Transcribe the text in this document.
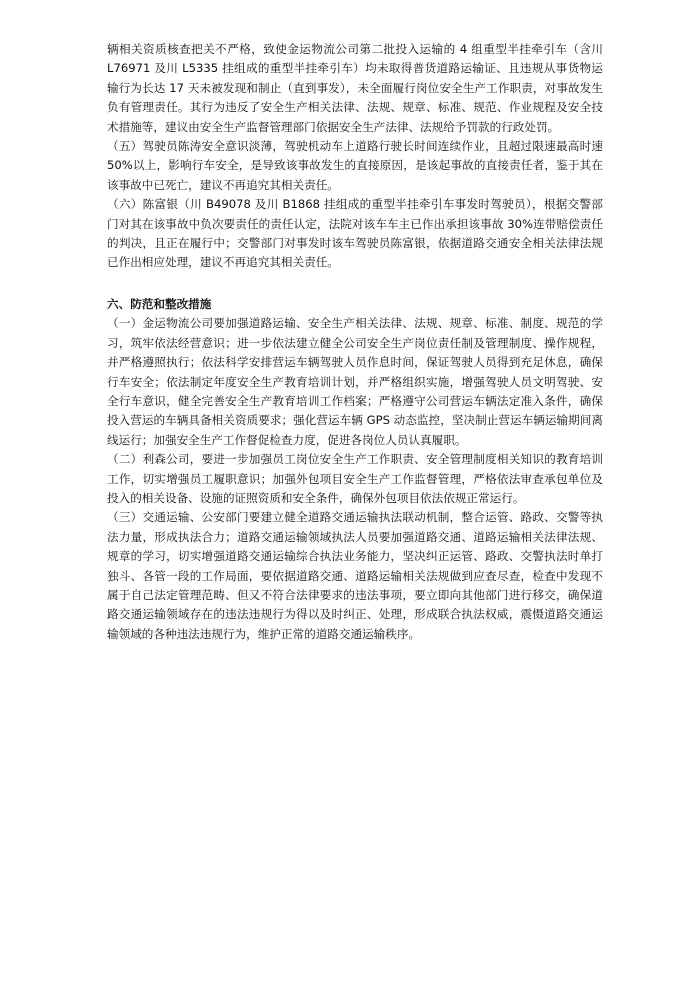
辆相关资质核查把关不严格，致使金运物流公司第二批投入运输的 4 组重型半挂牵引车（含川 L76971 及川 L5335 挂组成的重型半挂牵引车）均未取得普货道路运输证、且违规从事货物运输行为长达 17 天未被发现和制止（直到事发），未全面履行岗位安全生产工作职责，对事故发生负有管理责任。其行为违反了安全生产相关法律、法规、规章、标准、规范、作业规程及安全技术措施等，建议由安全生产监督管理部门依据安全生产法律、法规给予罚款的行政处罚。

（五）驾驶员陈涛安全意识淡薄，驾驶机动车上道路行驶长时间连续作业，且超过限速最高时速 50%以上，影响行车安全，是导致该事故发生的直接原因，是该起事故的直接责任者，鉴于其在该事故中已死亡，建议不再追究其相关责任。

（六）陈富银（川 B49078 及川 B1868 挂组成的重型半挂牵引车事发时驾驶员），根据交警部门对其在该事故中负次要责任的责任认定，法院对该车车主已作出承担该事故 30%连带赔偿责任的判决，且正在履行中；交警部门对事发时该车驾驶员陈富银，依据道路交通安全相关法律法规已作出相应处理，建议不再追究其相关责任。

六、防范和整改措施

（一）金运物流公司要加强道路运输、安全生产相关法律、法规、规章、标准、制度、规范的学习，筑牢依法经营意识；进一步依法建立健全公司安全生产岗位责任制及管理制度、操作规程，并严格遵照执行；依法科学安排营运车辆驾驶人员作息时间，保证驾驶人员得到充足休息，确保行车安全；依法制定年度安全生产教育培训计划，并严格组织实施，增强驾驶人员文明驾驶、安全行车意识，健全完善安全生产教育培训工作档案；严格遵守公司营运车辆法定准入条件，确保投入营运的车辆具备相关资质要求；强化营运车辆 GPS 动态监控，坚决制止营运车辆运输期间离线运行；加强安全生产工作督促检查力度，促进各岗位人员认真履职。

（二）利森公司，要进一步加强员工岗位安全生产工作职责、安全管理制度相关知识的教育培训工作，切实增强员工履职意识；加强外包项目安全生产工作监督管理，严格依法审查承包单位及投入的相关设备、设施的证照资质和安全条件，确保外包项目依法依规正常运行。

（三）交通运输、公安部门要建立健全道路交通运输执法联动机制，整合运管、路政、交警等执法力量，形成执法合力；道路交通运输领域执法人员要加强道路交通、道路运输相关法律法规、规章的学习，切实增强道路交通运输综合执法业务能力，坚决纠正运管、路政、交警执法时单打独斗、各管一段的工作局面，要依据道路交通、道路运输相关法规做到应查尽查，检查中发现不属于自己法定管理范畴、但又不符合法律要求的违法事项，要立即向其他部门进行移交，确保道路交通运输领域存在的违法违规行为得以及时纠正、处理，形成联合执法权威，震慑道路交通运输领域的各种违法违规行为，维护正常的道路交通运输秩序。
